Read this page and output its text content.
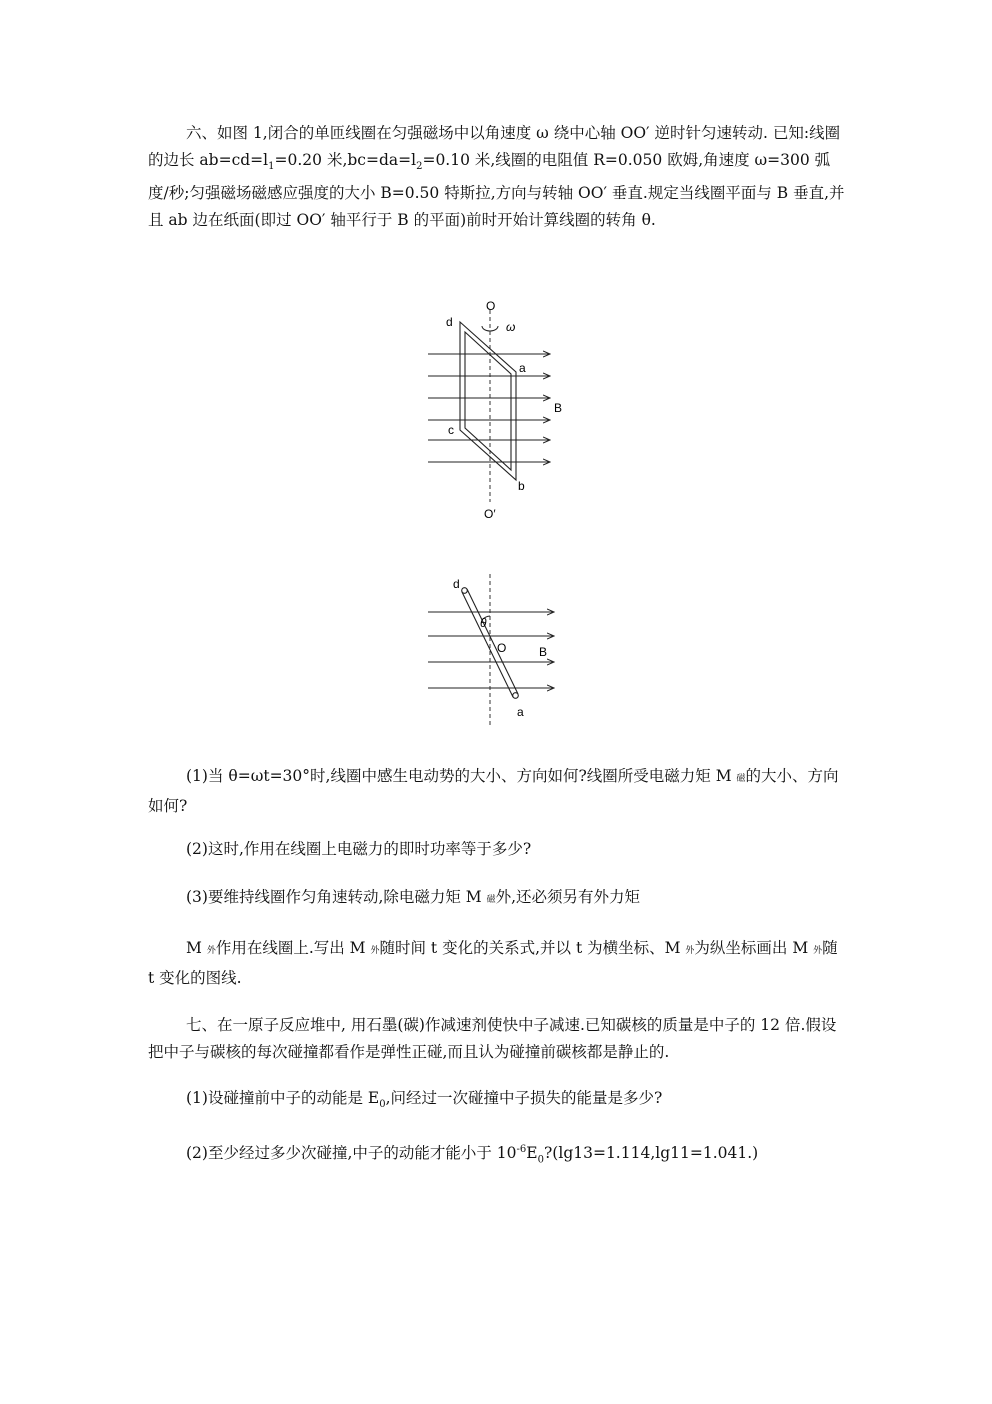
六、如图 1,闭合的单匝线圈在匀强磁场中以角速度 ω 绕中心轴 OO′ 逆时针匀速转动. 已知:线圈的边长 $ab=cd=l_1=0.20$ 米$,bc=da=l_2=0.10$ 米,线圈的电阻值 R=0.050 欧姆,角速度 ω=300 弧度/秒;匀强磁场磁感应强度的大小 B=0.50 特斯拉,方向与转轴 OO′ 垂直.规定当线圈平面与 B 垂直,并且 ab 边在纸面(即过 OO′ 轴平行于 B 的平面)前时开始计算线圈的转角 θ.

O
ω
d
a
B
c
b
O′
d
θ
O	B
a

(1)当 θ=ωt=30°时,线圈中感生电动势的大小、方向如何?线圈所受电磁力矩 M 磁的大小、方向如何?

(2)这时,作用在线圈上电磁力的即时功率等于多少?

(3)要维持线圈作匀角速转动,除电磁力矩 M 磁外,还必须另有外力矩

M 外作用在线圈上.写出 M 外随时间 t 变化的关系式,并以 t 为横坐标、M 外为纵坐标画出 M 外随 t 变化的图线.

七、在一原子反应堆中, 用石墨(碳)作减速剂使快中子减速.已知碳核的质量是中子的 12 倍.假设把中子与碳核的每次碰撞都看作是弹性正碰,而且认为碰撞前碳核都是静止的.

(1)设碰撞前中子的动能是 $E_0$,问经过一次碰撞中子损失的能量是多少?

(2)至少经过多少次碰撞,中子的动能才能小于 $10^{-6}E_0?(\lg 13=1.114,\lg 11=1.041.)$
